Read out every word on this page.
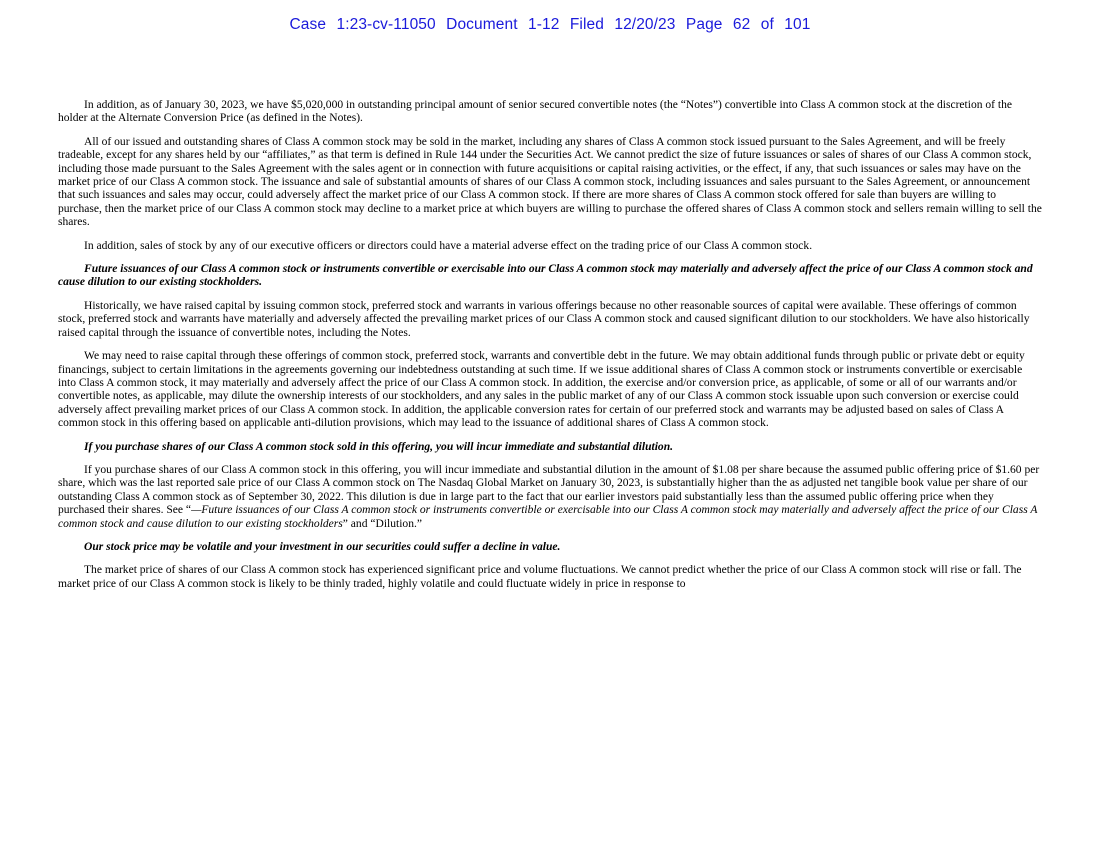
Case 1:23-cv-11050 Document 1-12 Filed 12/20/23 Page 62 of 101

In addition, as of January 30, 2023, we have $5,020,000 in outstanding principal amount of senior secured convertible notes (the “Notes”) convertible into Class A common stock at the discretion of the holder at the Alternate Conversion Price (as defined in the Notes).

All of our issued and outstanding shares of Class A common stock may be sold in the market, including any shares of Class A common stock issued pursuant to the Sales Agreement, and will be freely tradeable, except for any shares held by our “affiliates,” as that term is defined in Rule 144 under the Securities Act. We cannot predict the size of future issuances or sales of shares of our Class A common stock, including those made pursuant to the Sales Agreement with the sales agent or in connection with future acquisitions or capital raising activities, or the effect, if any, that such issuances or sales may have on the market price of our Class A common stock. The issuance and sale of substantial amounts of shares of our Class A common stock, including issuances and sales pursuant to the Sales Agreement, or announcement that such issuances and sales may occur, could adversely affect the market price of our Class A common stock. If there are more shares of Class A common stock offered for sale than buyers are willing to purchase, then the market price of our Class A common stock may decline to a market price at which buyers are willing to purchase the offered shares of Class A common stock and sellers remain willing to sell the shares.

In addition, sales of stock by any of our executive officers or directors could have a material adverse effect on the trading price of our Class A common stock.

Future issuances of our Class A common stock or instruments convertible or exercisable into our Class A common stock may materially and adversely affect the price of our Class A common stock and cause dilution to our existing stockholders.

Historically, we have raised capital by issuing common stock, preferred stock and warrants in various offerings because no other reasonable sources of capital were available. These offerings of common stock, preferred stock and warrants have materially and adversely affected the prevailing market prices of our Class A common stock and caused significant dilution to our stockholders. We have also historically raised capital through the issuance of convertible notes, including the Notes.

We may need to raise capital through these offerings of common stock, preferred stock, warrants and convertible debt in the future. We may obtain additional funds through public or private debt or equity financings, subject to certain limitations in the agreements governing our indebtedness outstanding at such time. If we issue additional shares of Class A common stock or instruments convertible or exercisable into Class A common stock, it may materially and adversely affect the price of our Class A common stock. In addition, the exercise and/or conversion price, as applicable, of some or all of our warrants and/or convertible notes, as applicable, may dilute the ownership interests of our stockholders, and any sales in the public market of any of our Class A common stock issuable upon such conversion or exercise could adversely affect prevailing market prices of our Class A common stock. In addition, the applicable conversion rates for certain of our preferred stock and warrants may be adjusted based on sales of Class A common stock in this offering based on applicable anti-dilution provisions, which may lead to the issuance of additional shares of Class A common stock.

If you purchase shares of our Class A common stock sold in this offering, you will incur immediate and substantial dilution.

If you purchase shares of our Class A common stock in this offering, you will incur immediate and substantial dilution in the amount of $1.08 per share because the assumed public offering price of $1.60 per share, which was the last reported sale price of our Class A common stock on The Nasdaq Global Market on January 30, 2023, is substantially higher than the as adjusted net tangible book value per share of our outstanding Class A common stock as of September 30, 2022. This dilution is due in large part to the fact that our earlier investors paid substantially less than the assumed public offering price when they purchased their shares. See “—Future issuances of our Class A common stock or instruments convertible or exercisable into our Class A common stock may materially and adversely affect the price of our Class A common stock and cause dilution to our existing stockholders” and “Dilution.”

Our stock price may be volatile and your investment in our securities could suffer a decline in value.

The market price of shares of our Class A common stock has experienced significant price and volume fluctuations. We cannot predict whether the price of our Class A common stock will rise or fall. The market price of our Class A common stock is likely to be thinly traded, highly volatile and could fluctuate widely in price in response to
